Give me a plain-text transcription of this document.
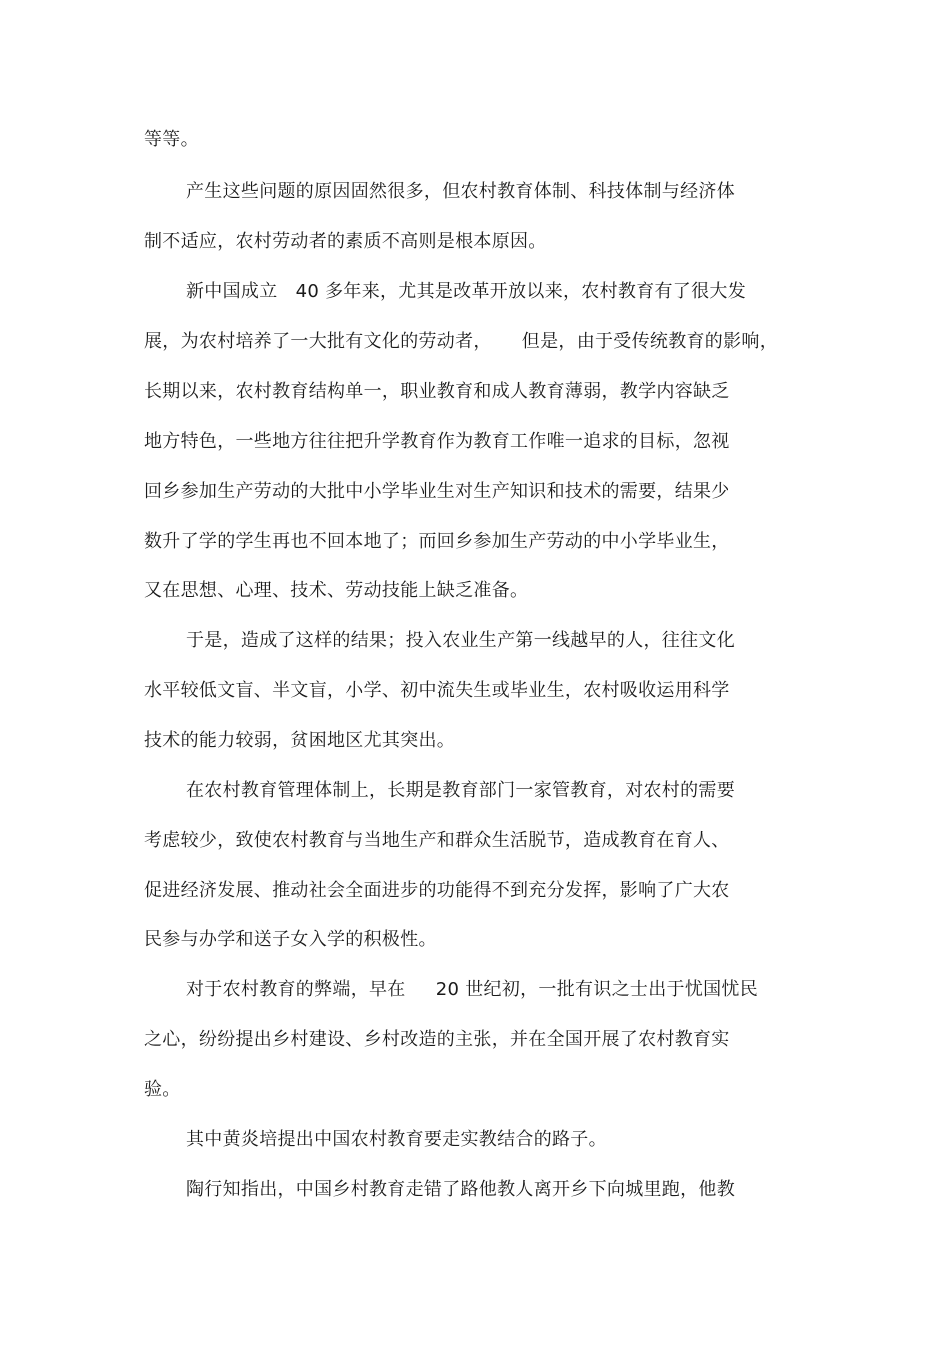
等等。
产生这些问题的原因固然很多，但农村教育体制、科技体制与经济体
制不适应，农村劳动者的素质不高则是根本原因。
新中国成立   40 多年来，尤其是改革开放以来，农村教育有了很大发
展，为农村培养了一大批有文化的劳动者，     但是，由于受传统教育的影响，
长期以来，农村教育结构单一，职业教育和成人教育薄弱，教学内容缺乏
地方特色，一些地方往往把升学教育作为教育工作唯一追求的目标，忽视
回乡参加生产劳动的大批中小学毕业生对生产知识和技术的需要，结果少
数升了学的学生再也不回本地了；而回乡参加生产劳动的中小学毕业生，
又在思想、心理、技术、劳动技能上缺乏准备。
于是，造成了这样的结果；投入农业生产第一线越早的人，往往文化
水平较低文盲、半文盲，小学、初中流失生或毕业生，农村吸收运用科学
技术的能力较弱，贫困地区尤其突出。
在农村教育管理体制上，长期是教育部门一家管教育，对农村的需要
考虑较少，致使农村教育与当地生产和群众生活脱节，造成教育在育人、
促进经济发展、推动社会全面进步的功能得不到充分发挥，影响了广大农
民参与办学和送子女入学的积极性。
对于农村教育的弊端，早在     20 世纪初，一批有识之士出于忧国忧民
之心，纷纷提出乡村建设、乡村改造的主张，并在全国开展了农村教育实
验。
其中黄炎培提出中国农村教育要走实教结合的路子。
陶行知指出，中国乡村教育走错了路他教人离开乡下向城里跑，他教
